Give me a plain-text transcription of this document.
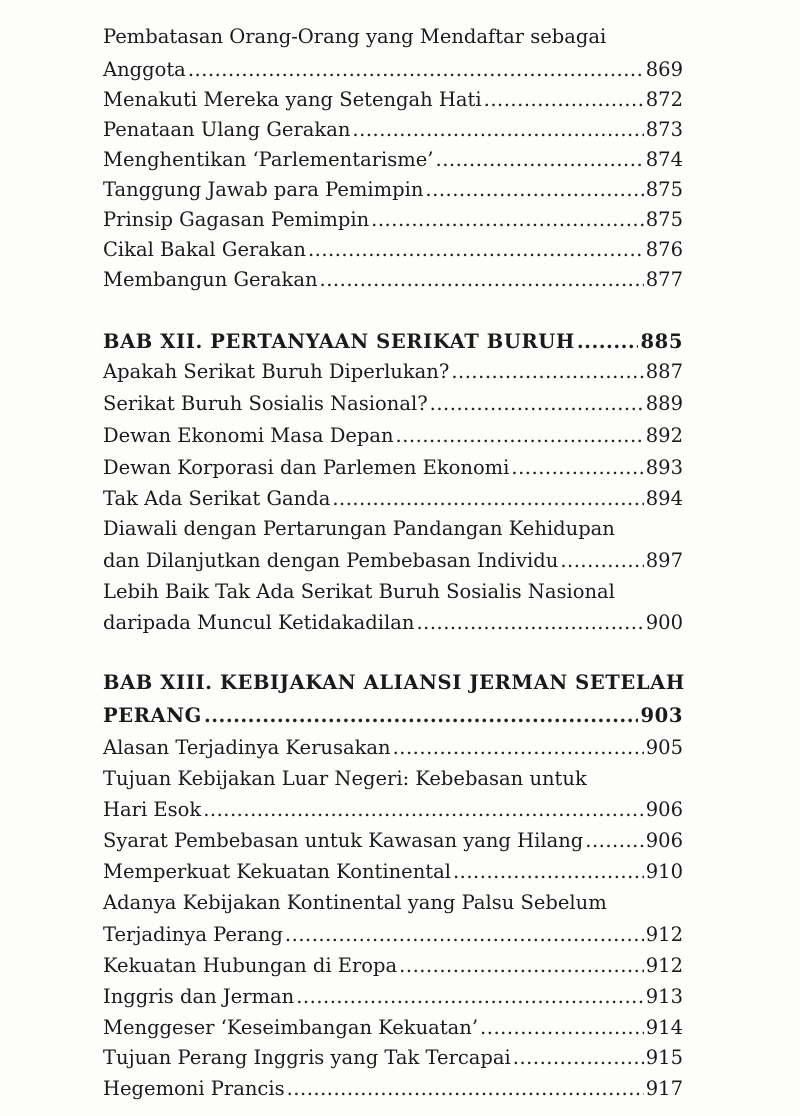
Pembatasan Orang-Orang yang Mendaftar sebagai
Anggota .....	869
Menakuti Mereka yang Setengah Hati .....	872
Penataan Ulang Gerakan .....	873
Menghentikan ‘Parlementarisme’ .....	874
Tanggung Jawab para Pemimpin .....	875
Prinsip Gagasan Pemimpin .....	875
Cikal Bakal Gerakan .....	876
Membangun Gerakan .....	877
BAB XII. PERTANYAAN SERIKAT BURUH .....	885
Apakah Serikat Buruh Diperlukan? .....	887
Serikat Buruh Sosialis Nasional? .....	889
Dewan Ekonomi Masa Depan .....	892
Dewan Korporasi dan Parlemen Ekonomi .....	893
Tak Ada Serikat Ganda .....	894
Diawali dengan Pertarungan Pandangan Kehidupan
dan Dilanjutkan dengan Pembebasan Individu .....	897
Lebih Baik Tak Ada Serikat Buruh Sosialis Nasional
daripada Muncul Ketidakadilan .....	900
BAB XIII. KEBIJAKAN ALIANSI JERMAN SETELAH
PERANG .....	903
Alasan Terjadinya Kerusakan .....	905
Tujuan Kebijakan Luar Negeri: Kebebasan untuk
Hari Esok .....	906
Syarat Pembebasan untuk Kawasan yang Hilang .....	906
Memperkuat Kekuatan Kontinental .....	910
Adanya Kebijakan Kontinental yang Palsu Sebelum
Terjadinya Perang .....	912
Kekuatan Hubungan di Eropa .....	912
Inggris dan Jerman .....	913
Menggeser ‘Keseimbangan Kekuatan’ .....	914
Tujuan Perang Inggris yang Tak Tercapai .....	915
Hegemoni Prancis .....	917
